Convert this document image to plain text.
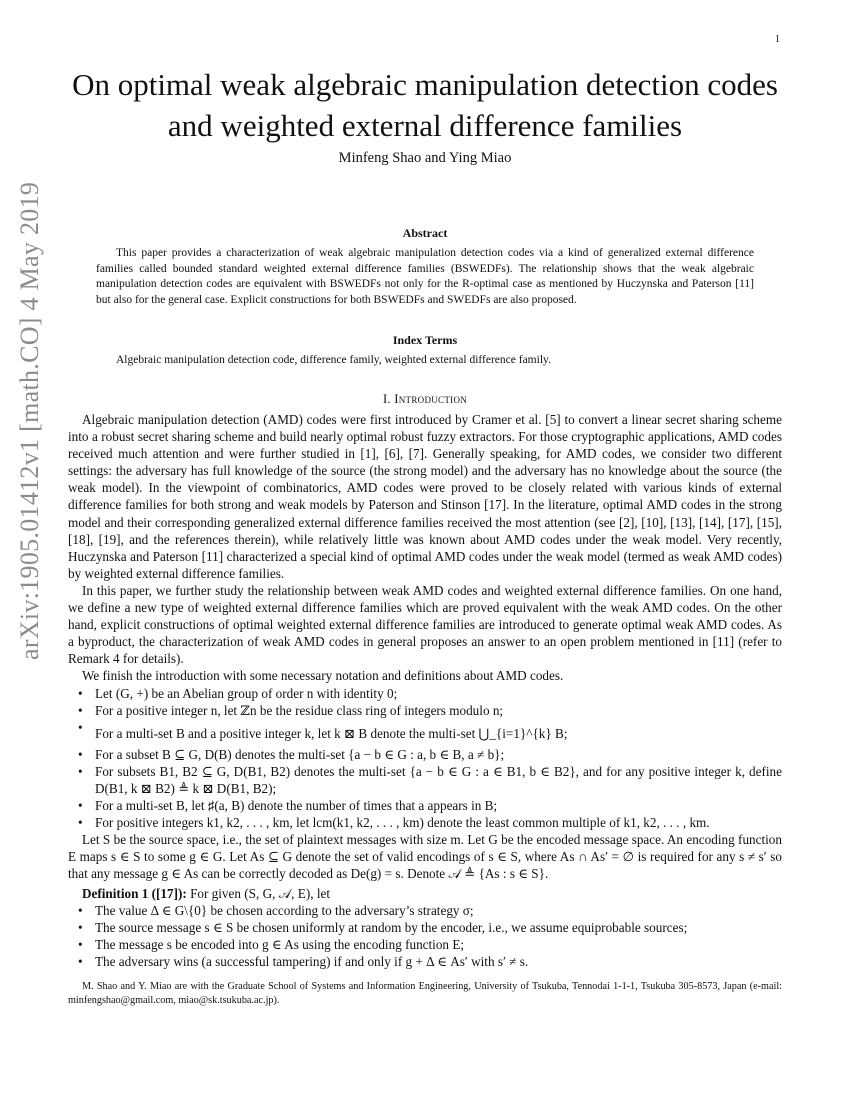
1
arXiv:1905.01412v1 [math.CO] 4 May 2019
On optimal weak algebraic manipulation detection codes and weighted external difference families
Minfeng Shao and Ying Miao
Abstract

This paper provides a characterization of weak algebraic manipulation detection codes via a kind of generalized external difference families called bounded standard weighted external difference families (BSWEDFs). The relationship shows that the weak algebraic manipulation detection codes are equivalent with BSWEDFs not only for the R-optimal case as mentioned by Huczynska and Paterson [11] but also for the general case. Explicit constructions for both BSWEDFs and SWEDFs are also proposed.

Index Terms

Algebraic manipulation detection code, difference family, weighted external difference family.

I. Introduction

Algebraic manipulation detection (AMD) codes were first introduced by Cramer et al. [5] to convert a linear secret sharing scheme into a robust secret sharing scheme and build nearly optimal robust fuzzy extractors. For those cryptographic applications, AMD codes received much attention and were further studied in [1], [6], [7]. Generally speaking, for AMD codes, we consider two different settings: the adversary has full knowledge of the source (the strong model) and the adversary has no knowledge about the source (the weak model). In the viewpoint of combinatorics, AMD codes were proved to be closely related with various kinds of external difference families for both strong and weak models by Paterson and Stinson [17]. In the literature, optimal AMD codes in the strong model and their corresponding generalized external difference families received the most attention (see [2], [10], [13], [14], [17], [15], [18], [19], and the references therein), while relatively little was known about AMD codes under the weak model. Very recently, Huczynska and Paterson [11] characterized a special kind of optimal AMD codes under the weak model (termed as weak AMD codes) by weighted external difference families.

In this paper, we further study the relationship between weak AMD codes and weighted external difference families. On one hand, we define a new type of weighted external difference families which are proved equivalent with the weak AMD codes. On the other hand, explicit constructions of optimal weighted external difference families are introduced to generate optimal weak AMD codes. As a byproduct, the characterization of weak AMD codes in general proposes an answer to an open problem mentioned in [11] (refer to Remark 4 for details).

We finish the introduction with some necessary notation and definitions about AMD codes.

• Let (G, +) be an Abelian group of order n with identity 0;
• For a positive integer n, let ℤn be the residue class ring of integers modulo n;
• For a multi-set B and a positive integer k, let k ⊠ B denote the multi-set ⋃_{i=1}^{k} B;
• For a subset B ⊆ G, D(B) denotes the multi-set {a − b ∈ G : a, b ∈ B, a ≠ b};
• For subsets B1, B2 ⊆ G, D(B1, B2) denotes the multi-set {a − b ∈ G : a ∈ B1, b ∈ B2}, and for any positive integer k, define D(B1, k ⊠ B2) ≜ k ⊠ D(B1, B2);
• For a multi-set B, let ♯(a, B) denote the number of times that a appears in B;
• For positive integers k1, k2, . . . , km, let lcm(k1, k2, . . . , km) denote the least common multiple of k1, k2, . . . , km.

Let S be the source space, i.e., the set of plaintext messages with size m. Let G be the encoded message space. An encoding function E maps s ∈ S to some g ∈ G. Let As ⊆ G denote the set of valid encodings of s ∈ S, where As ∩ As′ = ∅ is required for any s ≠ s′ so that any message g ∈ As can be correctly decoded as De(g) = s. Denote 𝒜 ≜ {As : s ∈ S}.

Definition 1 ([17]): For given (S, G, 𝒜, E), let

• The value Δ ∈ G\{0} be chosen according to the adversary’s strategy σ;
• The source message s ∈ S be chosen uniformly at random by the encoder, i.e., we assume equiprobable sources;
• The message s be encoded into g ∈ As using the encoding function E;
• The adversary wins (a successful tampering) if and only if g + Δ ∈ As′ with s′ ≠ s.

M. Shao and Y. Miao are with the Graduate School of Systems and Information Engineering, University of Tsukuba, Tennodai 1-1-1, Tsukuba 305-8573, Japan (e-mail: minfengshao@gmail.com, miao@sk.tsukuba.ac.jp).
